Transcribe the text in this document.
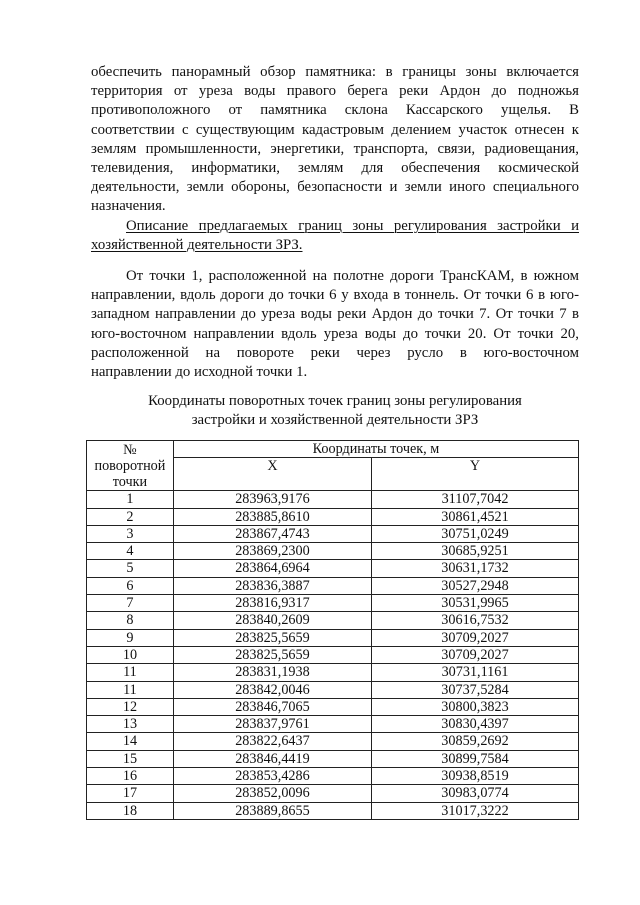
обеспечить панорамный обзор памятника: в границы зоны включается
территория от уреза воды правого берега реки Ардон до подножья
противоположного от памятника склона Кассарского ущелья. В
соответствии с существующим кадастровым делением участок отнесен к
землям промышленности, энергетики, транспорта, связи, радиовещания,
телевидения, информатики, землям для обеспечения космической
деятельности, земли обороны, безопасности и земли иного специального
назначения.
Описание предлагаемых границ зоны регулирования застройки и
хозяйственной деятельности ЗРЗ.
От точки 1, расположенной на полотне дороги ТрансКАМ, в южном
направлении, вдоль дороги до точки 6 у входа в тоннель. От точки 6 в юго-
западном направлении до уреза воды реки Ардон до точки 7. От точки 7 в
юго-восточном направлении вдоль уреза воды до точки 20. От точки 20,
расположенной на повороте реки через русло в юго-восточном
направлении до исходной точки 1.
Координаты поворотных точек границ зоны регулирования
застройки и хозяйственной деятельности ЗРЗ
№
поворотной
точки	Координаты точек, м	
	X	Y
1	283963,9176	31107,7042
2	283885,8610	30861,4521
3	283867,4743	30751,0249
4	283869,2300	30685,9251
5	283864,6964	30631,1732
6	283836,3887	30527,2948
7	283816,9317	30531,9965
8	283840,2609	30616,7532
9	283825,5659	30709,2027
10	283825,5659	30709,2027
11	283831,1938	30731,1161
11	283842,0046	30737,5284
12	283846,7065	30800,3823
13	283837,9761	30830,4397
14	283822,6437	30859,2692
15	283846,4419	30899,7584
16	283853,4286	30938,8519
17	283852,0096	30983,0774
18	283889,8655	31017,3222
